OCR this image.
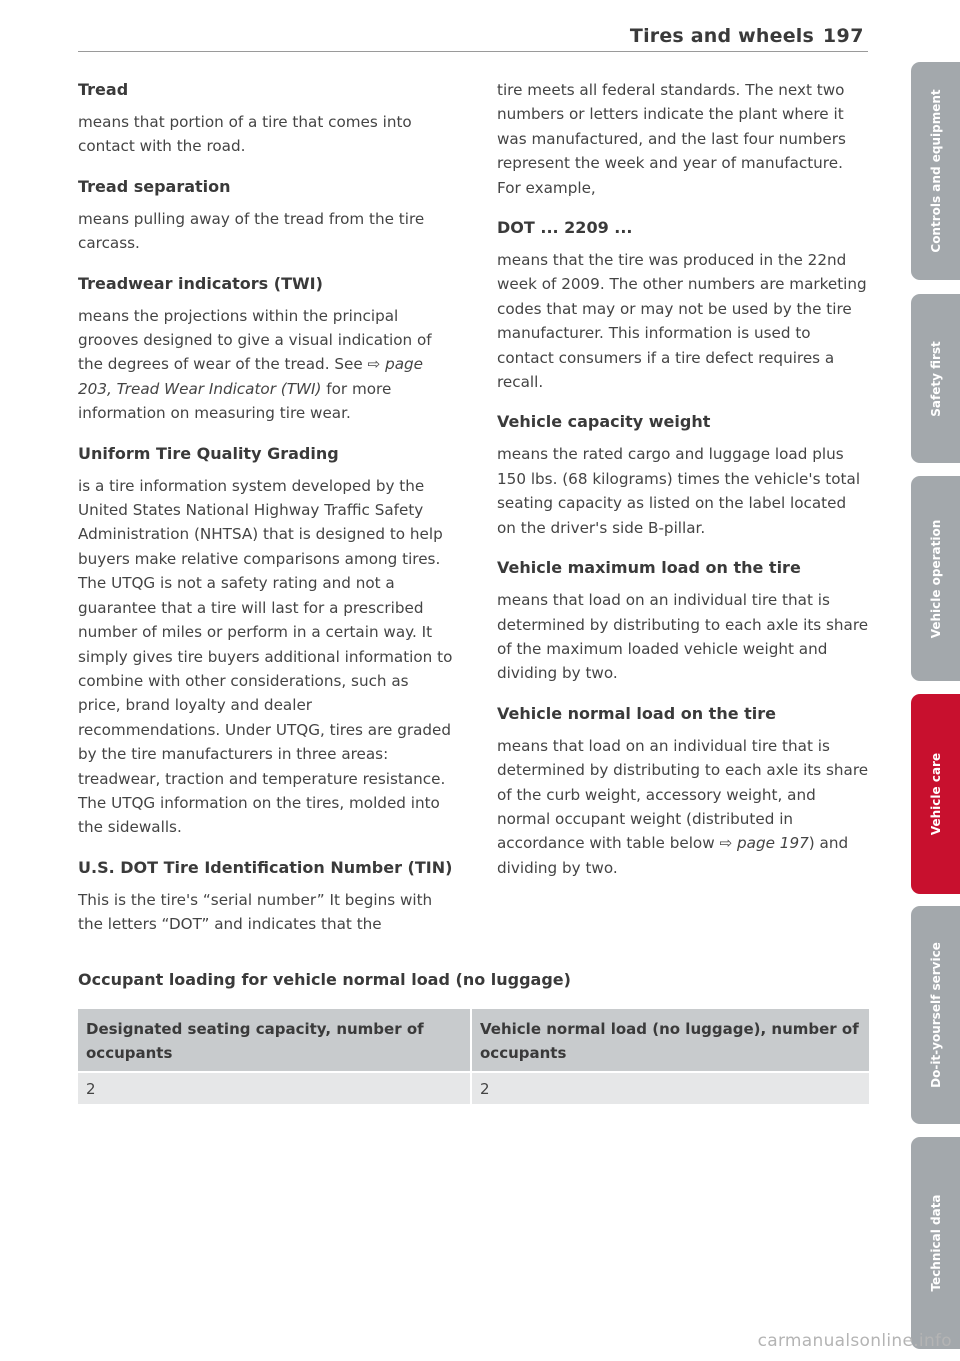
Tires and wheels 197
Tread
means that portion of a tire that comes into contact with the road.
Tread separation
means pulling away of the tread from the tire carcass.
Treadwear indicators (TWI)
means the projections within the principal grooves designed to give a visual indication of the degrees of wear of the tread. See ⇨ page 203, Tread Wear Indicator (TWI) for more information on measuring tire wear.
Uniform Tire Quality Grading
is a tire information system developed by the United States National Highway Traffic Safety Administration (NHTSA) that is designed to help buyers make relative comparisons among tires. The UTQG is not a safety rating and not a guarantee that a tire will last for a prescribed number of miles or perform in a certain way. It simply gives tire buyers additional information to combine with other considerations, such as price, brand loyalty and dealer recommendations. Under UTQG, tires are graded by the tire manufacturers in three areas: treadwear, traction and temperature resistance. The UTQG information on the tires, molded into the sidewalls.
U.S. DOT Tire Identification Number (TIN)
This is the tire's “serial number” It begins with the letters “DOT” and indicates that the
tire meets all federal standards. The next two numbers or letters indicate the plant where it was manufactured, and the last four numbers represent the week and year of manufacture. For example,
DOT ... 2209 ...
means that the tire was produced in the 22nd week of 2009. The other numbers are marketing codes that may or may not be used by the tire manufacturer. This information is used to contact consumers if a tire defect requires a recall.
Vehicle capacity weight
means the rated cargo and luggage load plus 150 lbs. (68 kilograms) times the vehicle's total seating capacity as listed on the label located on the driver's side B-pillar.
Vehicle maximum load on the tire
means that load on an individual tire that is determined by distributing to each axle its share of the maximum loaded vehicle weight and dividing by two.
Vehicle normal load on the tire
means that load on an individual tire that is determined by distributing to each axle its share of the curb weight, accessory weight, and normal occupant weight (distributed in accordance with table below ⇨ page 197) and dividing by two.
Occupant loading for vehicle normal load (no luggage)
Designated seating capacity, number of occupants	Vehicle normal load (no luggage), number of occupants

2	2
Controls and equipment
Safety first
Vehicle operation
Vehicle care
Do-it-yourself service
Technical data
carmanualsonline.info
